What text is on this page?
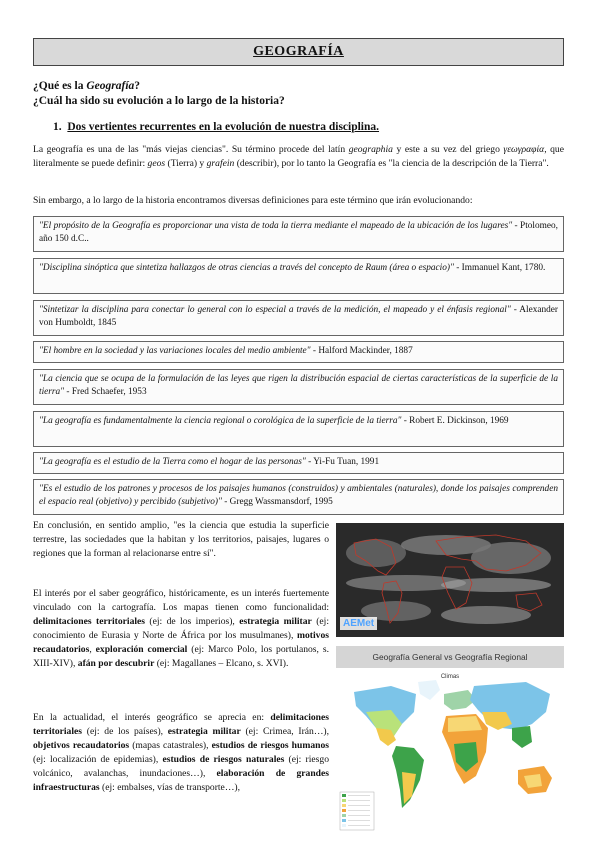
GEOGRAFÍA
¿Qué es la Geografía?
¿Cuál ha sido su evolución a lo largo de la historia?
1. Dos vertientes recurrentes en la evolución de nuestra disciplina.
La geografía es una de las "más viejas ciencias". Su término procede del latín geographia y este a su vez del griego γεωγραφία, que literalmente se puede definir: geos (Tierra) y grafein (describir), por lo tanto la Geografía es "la ciencia de la descripción de la Tierra".
Sin embargo, a lo largo de la historia encontramos diversas definiciones para este término que irán evolucionando:
"El propósito de la Geografía es proporcionar una vista de toda la tierra mediante el mapeado de la ubicación de los lugares" - Ptolomeo, año 150 d.C..
"Disciplina sinóptica que sintetiza hallazgos de otras ciencias a través del concepto de Raum (área o espacio)" - Immanuel Kant, 1780.
"Sintetizar la disciplina para conectar lo general con lo especial a través de la medición, el mapeado y el énfasis regional" - Alexander von Humboldt, 1845
"El hombre en la sociedad y las variaciones locales del medio ambiente" - Halford Mackinder, 1887
"La ciencia que se ocupa de la formulación de las leyes que rigen la distribución espacial de ciertas características de la superficie de la tierra" - Fred Schaefer, 1953
"La geografía es fundamentalmente la ciencia regional o corológica de la superficie de la tierra" - Robert E. Dickinson, 1969
"La geografía es el estudio de la Tierra como el hogar de las personas" - Yi-Fu Tuan, 1991
"Es el estudio de los patrones y procesos de los paisajes humanos (construidos) y ambientales (naturales), donde los paisajes comprenden el espacio real (objetivo) y percibido (subjetivo)" - Gregg Wassmansdorf, 1995
En conclusión, en sentido amplio, "es la ciencia que estudia la superficie terrestre, las sociedades que la habitan y los territorios, paisajes, lugares o regiones que la forman al relacionarse entre sí".
El interés por el saber geográfico, históricamente, es un interés fuertemente vinculado con la cartografía. Los mapas tienen como funcionalidad: delimitaciones territoriales (ej: de los imperios), estrategia militar (ej: conocimiento de Eurasia y Norte de África por los musulmanes), motivos recaudatorios, exploración comercial (ej: Marco Polo, los portulanos, s. XIII-XIV), afán por descubrir (ej: Magallanes – Elcano, s. XVI).
En la actualidad, el interés geográfico se aprecia en: delimitaciones territoriales (ej: de los países), estrategia militar (ej: Crimea, Irán…), objetivos recaudatorios (mapas catastrales), estudios de riesgos humanos (ej: localización de epidemias), estudios de riesgos naturales (ej: riesgo volcánico, avalanchas, inundaciones…), elaboración de grandes infraestructuras (ej: embalses, vías de transporte…),
AEMet
Geografía General vs Geografía Regional
Climas
